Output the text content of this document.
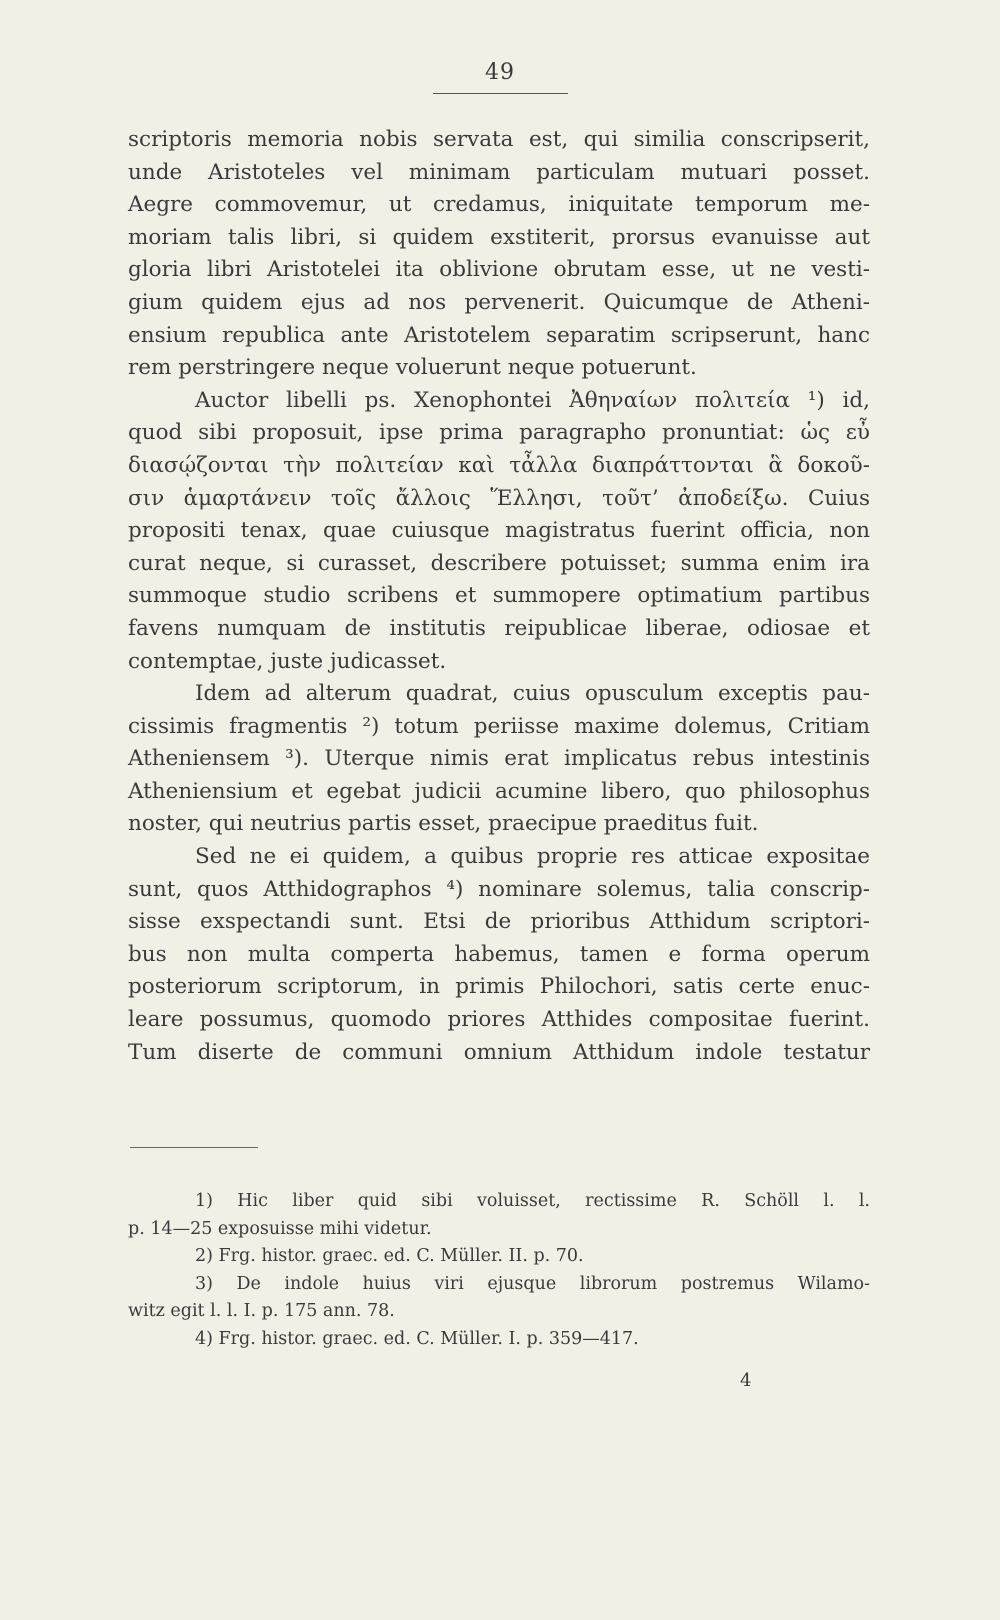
49
scriptoris memoria nobis servata est, qui similia conscripserit,
unde Aristoteles vel minimam particulam mutuari posset.
Aegre commovemur, ut credamus, iniquitate temporum me-
moriam talis libri, si quidem exstiterit, prorsus evanuisse aut
gloria libri Aristotelei ita oblivione obrutam esse, ut ne vesti-
gium quidem ejus ad nos pervenerit. Quicumque de Atheni-
ensium republica ante Aristotelem separatim scripserunt, hanc
rem perstringere neque voluerunt neque potuerunt.
Auctor libelli ps. Xenophontei Ἀθηναίων πολιτεία ¹) id,
quod sibi proposuit, ipse prima paragrapho pronuntiat: ὡς εὖ
διασῴζονται τὴν πολιτείαν καὶ τἆλλα διαπράττονται ἃ δοκοῦ-
σιν ἁμαρτάνειν τοῖς ἄλλοις Ἕλλησι, τοῦτ’ ἀποδείξω. Cuius
propositi tenax, quae cuiusque magistratus fuerint officia, non
curat neque, si curasset, describere potuisset; summa enim ira
summoque studio scribens et summopere optimatium partibus
favens numquam de institutis reipublicae liberae, odiosae et
contemptae, juste judicasset.
Idem ad alterum quadrat, cuius opusculum exceptis pau-
cissimis fragmentis ²) totum periisse maxime dolemus, Critiam
Atheniensem ³). Uterque nimis erat implicatus rebus intestinis
Atheniensium et egebat judicii acumine libero, quo philosophus
noster, qui neutrius partis esset, praecipue praeditus fuit.
Sed ne ei quidem, a quibus proprie res atticae expositae
sunt, quos Atthidographos ⁴) nominare solemus, talia conscrip-
sisse exspectandi sunt. Etsi de prioribus Atthidum scriptori-
bus non multa comperta habemus, tamen e forma operum
posteriorum scriptorum, in primis Philochori, satis certe enuc-
leare possumus, quomodo priores Atthides compositae fuerint.
Tum diserte de communi omnium Atthidum indole testatur
1) Hic liber quid sibi voluisset, rectissime R. Schöll l. l.
p. 14—25 exposuisse mihi videtur.
2) Frg. histor. graec. ed. C. Müller. II. p. 70.
3) De indole huius viri ejusque librorum postremus Wilamo-
witz egit l. l. I. p. 175 ann. 78.
4) Frg. histor. graec. ed. C. Müller. I. p. 359—417.
4
